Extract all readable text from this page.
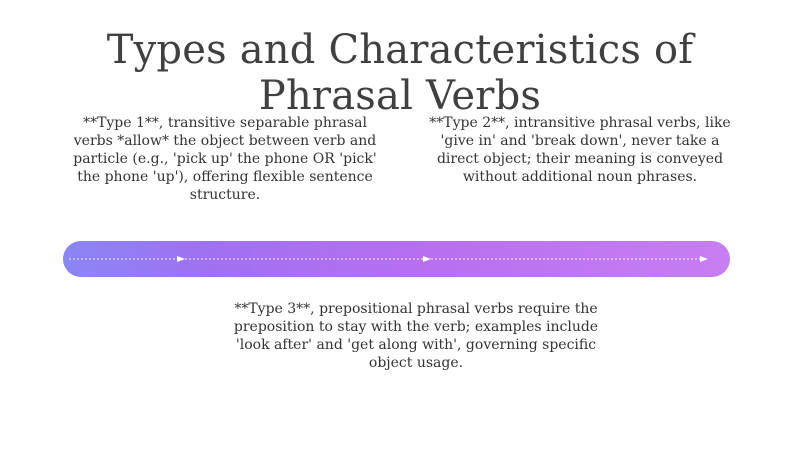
Types and Characteristics of
Phrasal Verbs
**Type 1**, transitive separable phrasal verbs *allow* the object between verb and particle (e.g., 'pick up' the phone OR 'pick' the phone 'up'), offering flexible sentence structure.
**Type 2**, intransitive phrasal verbs, like 'give in' and 'break down', never take a direct object; their meaning is conveyed without additional noun phrases.
**Type 3**, prepositional phrasal verbs require the preposition to stay with the verb; examples include 'look after' and 'get along with', governing specific object usage.
